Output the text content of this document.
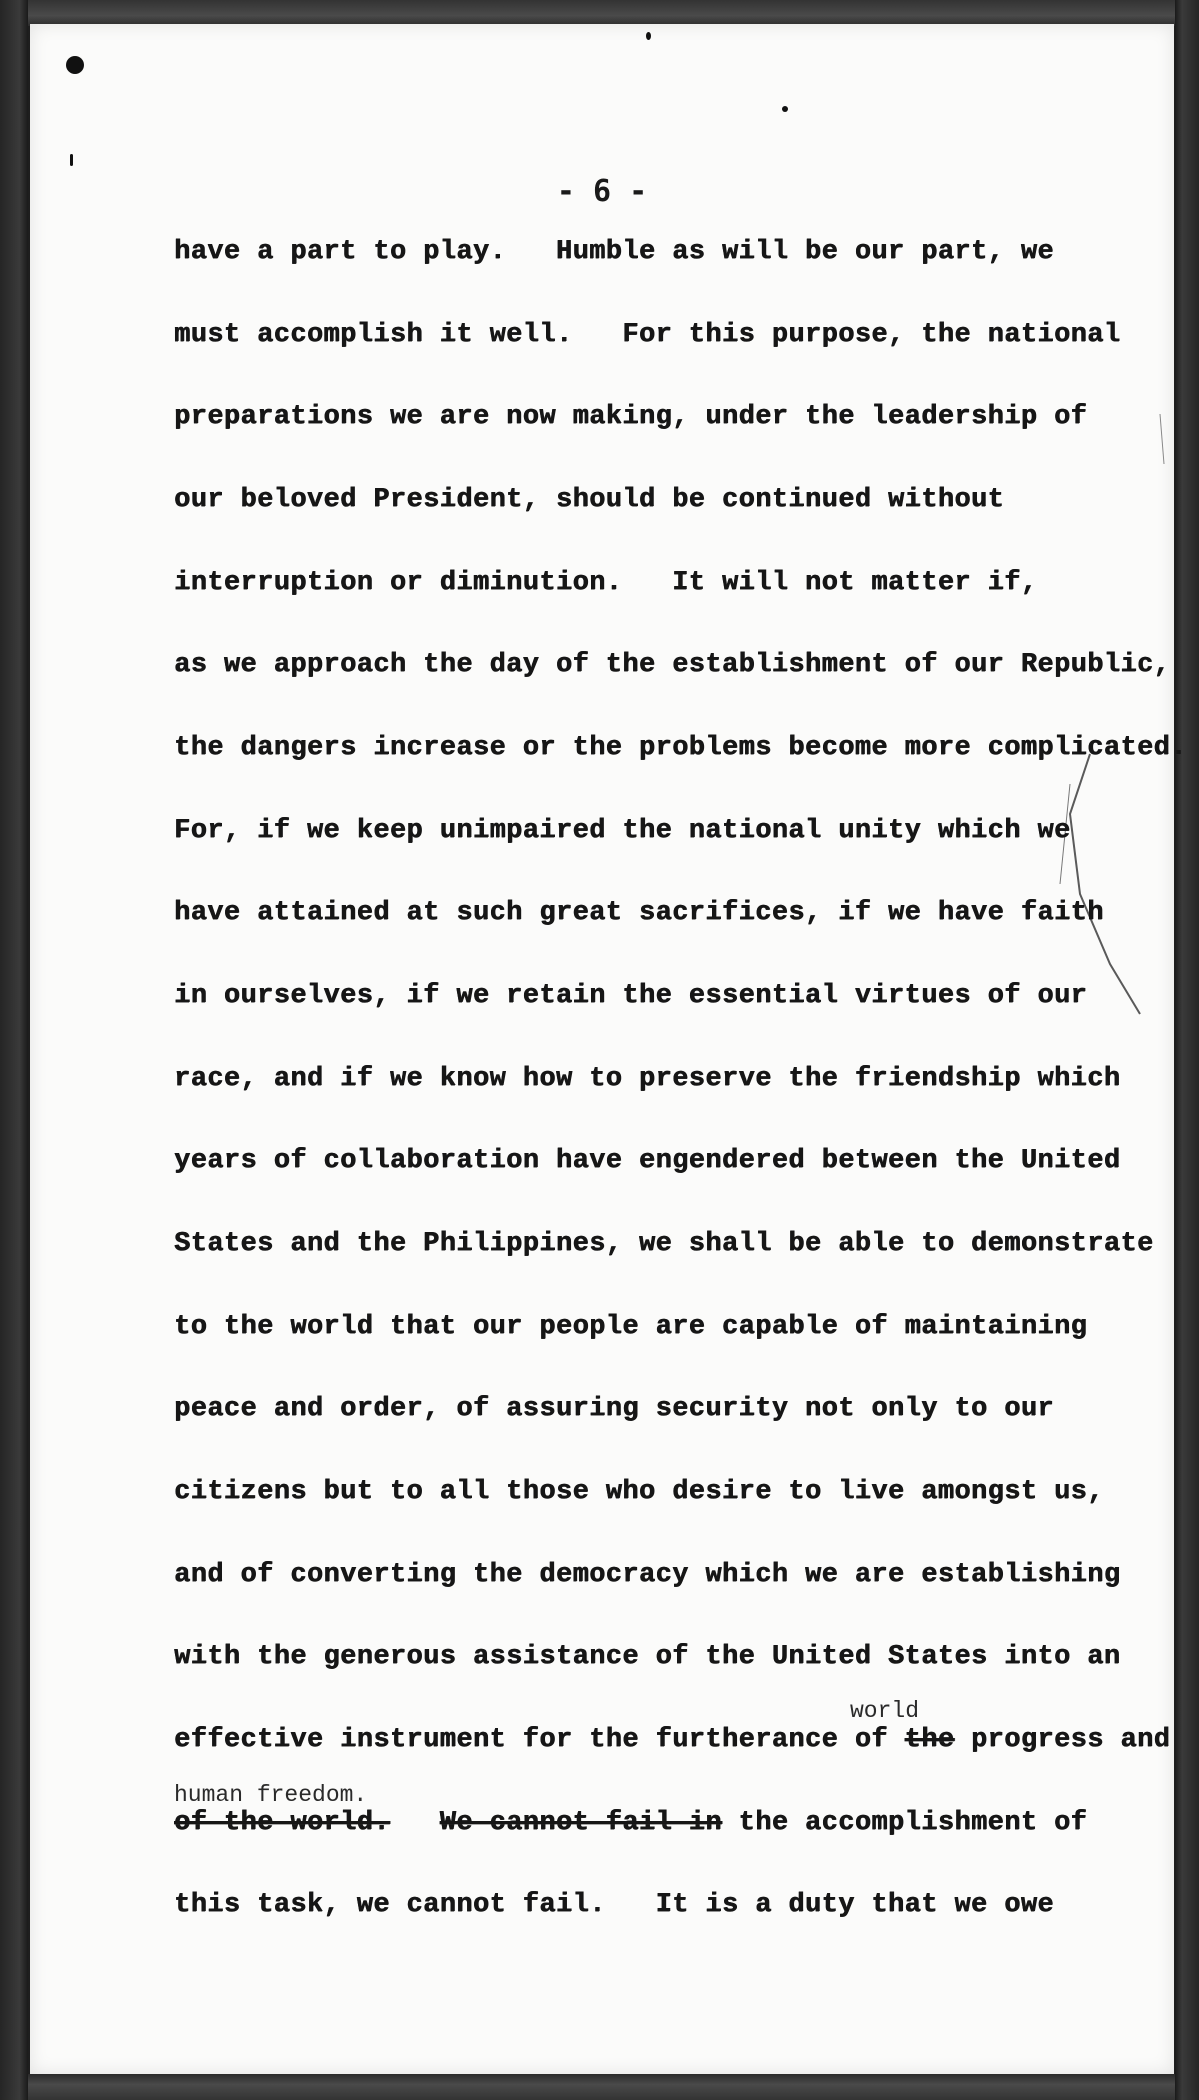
- 6 -
have a part to play.   Humble as will be our part, we
must accomplish it well.   For this purpose, the national
preparations we are now making, under the leadership of
our beloved President, should be continued without
interruption or diminution.   It will not matter if,
as we approach the day of the establishment of our Republic,
the dangers increase or the problems become more complicated.
For, if we keep unimpaired the national unity which we
have attained at such great sacrifices, if we have faith
in ourselves, if we retain the essential virtues of our
race, and if we know how to preserve the friendship which
years of collaboration have engendered between the United
States and the Philippines, we shall be able to demonstrate
to the world that our people are capable of maintaining
peace and order, of assuring security not only to our
citizens but to all those who desire to live amongst us,
and of converting the democracy which we are establishing
with the generous assistance of the United States into an
world
effective instrument for the furtherance of the progress and
human freedom.
of the world. We cannot fail in the accomplishment of
this task, we cannot fail.   It is a duty that we owe
